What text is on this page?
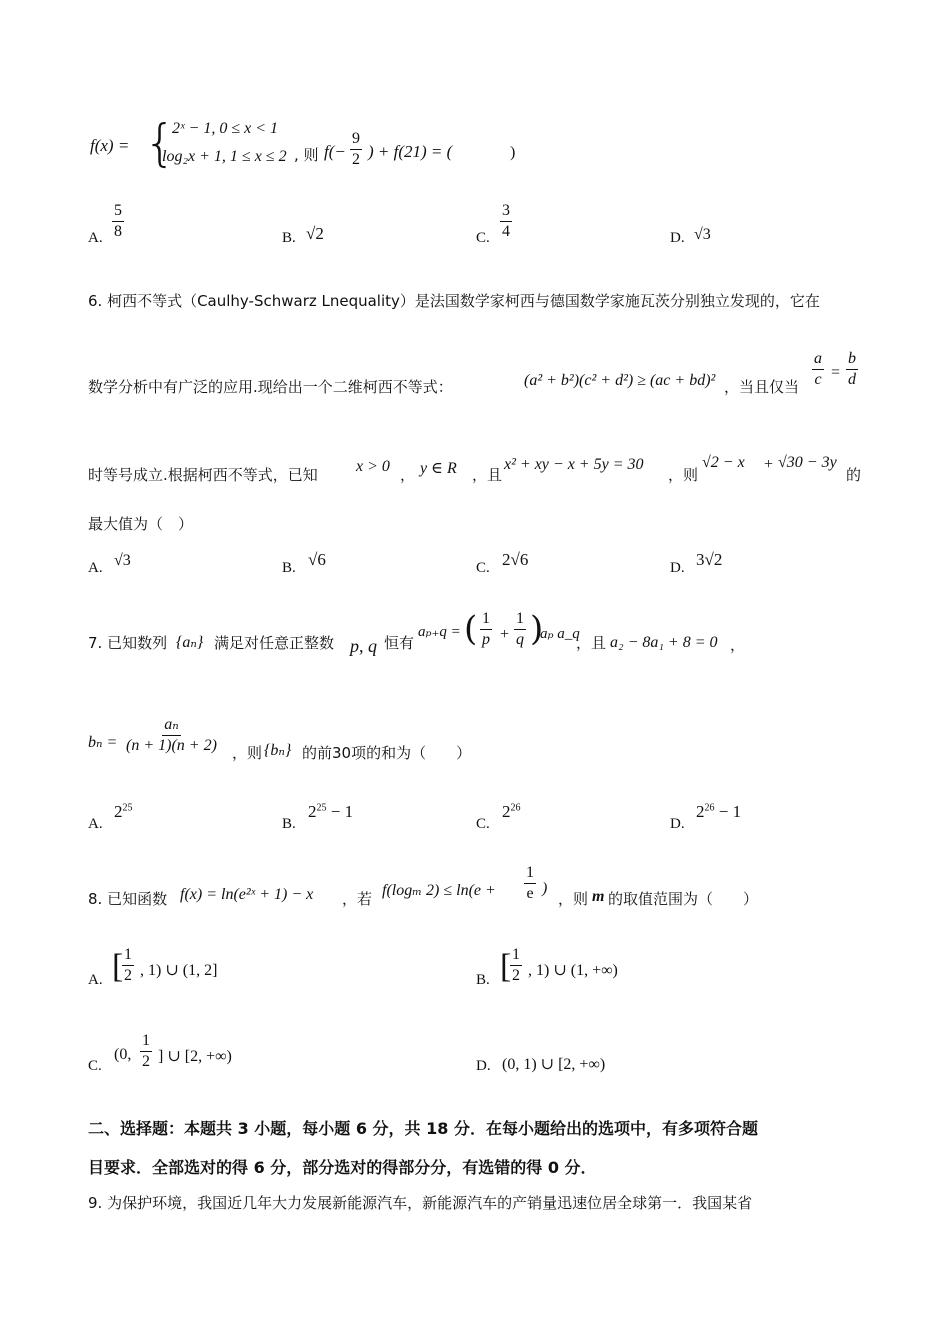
f(x) = {
2ˣ − 1, 0 ≤ x < 1
log₂x + 1, 1 ≤ x ≤ 2 , 则 $f(- \frac{9}{2}$ ) + f(21) = (	)
A. $\frac{5}{8}$	B. √2	C. $\frac{3}{4}$	D. √3
6. 柯西不等式（Caulhy-Schwarz Lnequality）是法国数学家柯西与德国数学家施瓦茨分别独立发现的，它在
数学分析中有广泛的应用.现给出一个二维柯西不等式：	(a² + b²)(c² + d²) ≥ (ac + bd)² ，当且仅当 $\frac{a}{c} = \frac{b}{d}$
时等号成立.根据柯西不等式，已知 x > 0 ， y ∈ R ，且
x² + xy − x + 5y = 30
，则
√2 − x + √30 − 3y
的
最大值为（　）
A. √3	B. √6	C. 2√6	D. 3√2
7. 已知数列 {aₙ} 满足对任意正整数 p, q 恒有
aₚ₊q = ( $\frac{1}{p} + \frac{1}{q}$ )
aₚ a_q
，且 a₂ − 8a₁ + 8 = 0 ，
$b_n = \frac{\text{aₙ}}{(n + 1)(n + 2)}$ ，则 {bₙ} 的前30项的和为（　　）
A.
$2^{25}$
B.
$2^{25} - 1$
C.
$2^{26}$
D.
$2^{26} - 1$
8. 已知函数 f(x) = ln(e²ˣ + 1) − x ，若 f(logₘ $2) \le \ln(e + \frac{1}{e}$ )
，则 m 的取值范围为（　　）
A. [
$\frac{1}{2}$ , 1) ∪ (1, 2]
B. [
$\frac{1}{2}$ , 1) ∪ (1, +∞)
C.
(0, $\frac{1}{2}$ ] ∪ [2, +∞)
D. (0, 1) ∪ [2, +∞)
二、选择题：本题共 3 小题，每小题 6 分，共 18 分．在每小题给出的选项中，有多项符合题
目要求．全部选对的得 6 分，部分选对的得部分分，有选错的得 0 分．
9. 为保护环境，我国近几年大力发展新能源汽车，新能源汽车的产销量迅速位居全球第一．我国某省
